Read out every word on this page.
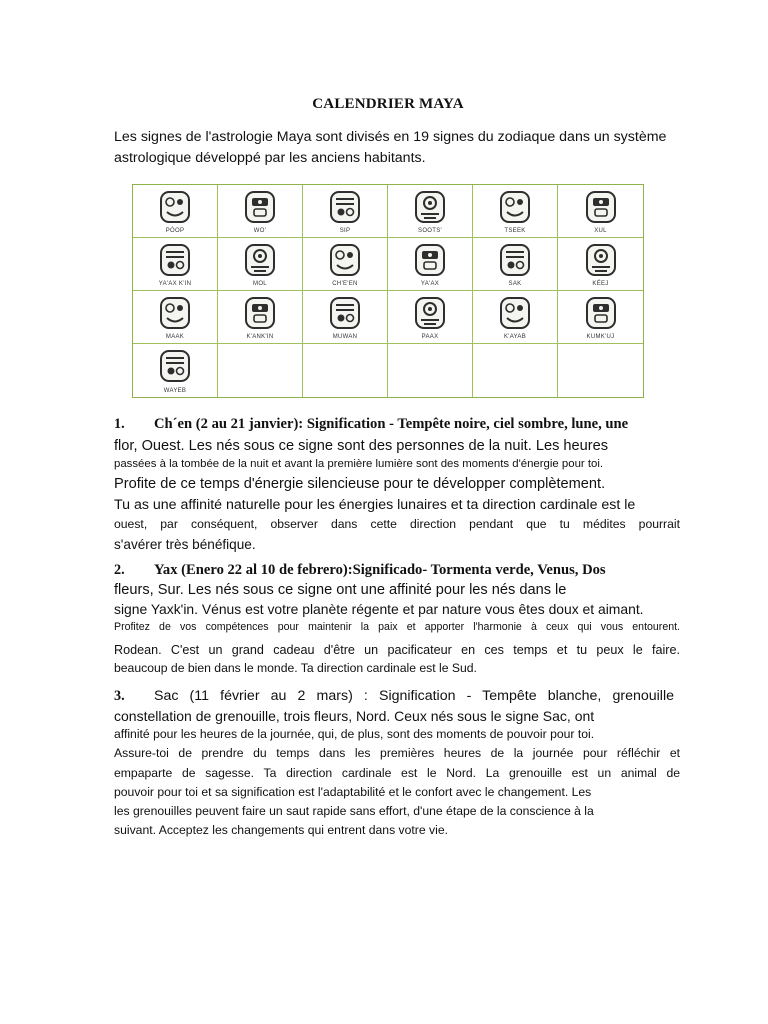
CALENDRIER MAYA

Les signes de l'astrologie Maya sont divisés en 19 signes du zodiaque dans un système
astrologique développé par les anciens habitants.

PÓOP	WO'	SIP	SOOTS'	TSEEK	XUL
YA'AX K'IN	MOL	CH'E'EN	YA'AX	SAK	KÉEJ
MAAK	K'ANK'IN	MUWAN	PAAX	K'AYAB	KUMK'UJ
WAYEB
1. Ch´en (2 au 21 janvier): Signification - Tempête noire, ciel sombre, lune, une
flor, Ouest. Les nés sous ce signe sont des personnes de la nuit. Les heures
passées à la tombée de la nuit et avant la première lumière sont des moments d'énergie pour toi.
Profite de ce temps d'énergie silencieuse pour te développer complètement.
Tu as une affinité naturelle pour les énergies lunaires et ta direction cardinale est le
ouest, par conséquent, observer dans cette direction pendant que tu médites pourrait
s'avérer très bénéfique.
2. Yax (Enero 22 al 10 de febrero):Significado- Tormenta verde, Venus, Dos
fleurs, Sur. Les nés sous ce signe ont une affinité pour les nés dans le
signe Yaxk'in. Vénus est votre planète régente et par nature vous êtes doux et aimant.
Profitez de vos compétences pour maintenir la paix et apporter l'harmonie à ceux qui vous entourent.
Rodean. C'est un grand cadeau d'être un pacificateur en ces temps et tu peux le faire.
beaucoup de bien dans le monde. Ta direction cardinale est le Sud.
3. Sac (11 février au 2 mars) : Signification - Tempête blanche, grenouille
constellation de grenouille, trois fleurs, Nord. Ceux nés sous le signe Sac, ont
affinité pour les heures de la journée, qui, de plus, sont des moments de pouvoir pour toi.
Assure-toi de prendre du temps dans les premières heures de la journée pour réfléchir et
empaparte de sagesse. Ta direction cardinale est le Nord. La grenouille est un animal de
pouvoir pour toi et sa signification est l'adaptabilité et le confort avec le changement. Les
les grenouilles peuvent faire un saut rapide sans effort, d'une étape de la conscience à la
suivant. Acceptez les changements qui entrent dans votre vie.
